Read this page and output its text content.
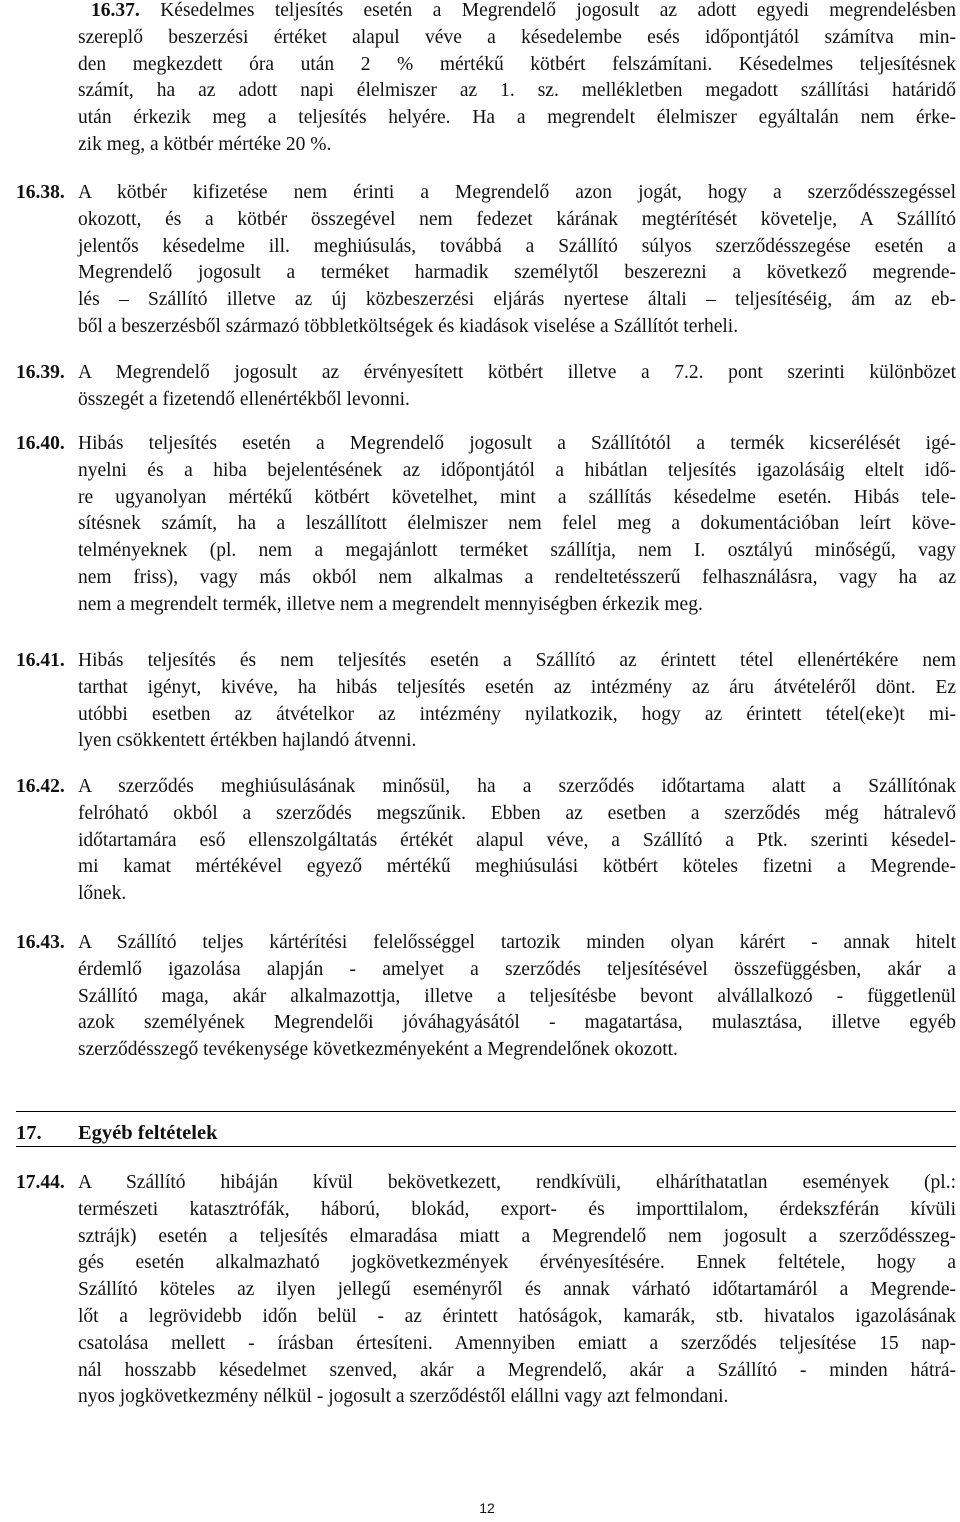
16.37. Késedelmes teljesítés esetén a Megrendelő jogosult az adott egyedi megrendelésben
szereplő beszerzési értéket alapul véve a késedelembe esés időpontjától számítva min-
den megkezdett óra után 2 % mértékű kötbért felszámítani. Késedelmes teljesítésnek
számít, ha az adott napi élelmiszer az 1. sz. mellékletben megadott szállítási határidő
után érkezik meg a teljesítés helyére. Ha a megrendelt élelmiszer egyáltalán nem érke-
zik meg, a kötbér mértéke 20 %.
16.38. A kötbér kifizetése nem érinti a Megrendelő azon jogát, hogy a szerződésszegéssel
okozott, és a kötbér összegével nem fedezet kárának megtérítését követelje, A Szállító
jelentős késedelme ill. meghiúsulás, továbbá a Szállító súlyos szerződésszegése esetén a
Megrendelő jogosult a terméket harmadik személytől beszerezni a következő megrende-
lés – Szállító illetve az új közbeszerzési eljárás nyertese általi – teljesítéséig, ám az eb-
ből a beszerzésből származó többletköltségek és kiadások viselése a Szállítót terheli.
16.39. A Megrendelő jogosult az érvényesített kötbért illetve a 7.2. pont szerinti különbözet
összegét a fizetendő ellenértékből levonni.
16.40. Hibás teljesítés esetén a Megrendelő jogosult a Szállítótól a termék kicserélését igé-
nyelni és a hiba bejelentésének az időpontjától a hibátlan teljesítés igazolásáig eltelt idő-
re ugyanolyan mértékű kötbért követelhet, mint a szállítás késedelme esetén. Hibás tele-
sítésnek számít, ha a leszállított élelmiszer nem felel meg a dokumentációban leírt köve-
telményeknek (pl. nem a megajánlott terméket szállítja, nem I. osztályú minőségű, vagy
nem friss), vagy más okból nem alkalmas a rendeltetésszerű felhasználásra, vagy ha az
nem a megrendelt termék, illetve nem a megrendelt mennyiségben érkezik meg.
16.41. Hibás teljesítés és nem teljesítés esetén a Szállító az érintett tétel ellenértékére nem
tarthat igényt, kivéve, ha hibás teljesítés esetén az intézmény az áru átvételéről dönt. Ez
utóbbi esetben az átvételkor az intézmény nyilatkozik, hogy az érintett tétel(eke)t mi-
lyen csökkentett értékben hajlandó átvenni.
16.42. A szerződés meghiúsulásának minősül, ha a szerződés időtartama alatt a Szállítónak
felróható okból a szerződés megszűnik. Ebben az esetben a szerződés még hátralevő
időtartamára eső ellenszolgáltatás értékét alapul véve, a Szállító a Ptk. szerinti késedel-
mi kamat mértékével egyező mértékű meghiúsulási kötbért köteles fizetni a Megrende-
lőnek.
16.43. A Szállító teljes kártérítési felelősséggel tartozik minden olyan kárért - annak hitelt
érdemlő igazolása alapján - amelyet a szerződés teljesítésével összefüggésben, akár a
Szállító maga, akár alkalmazottja, illetve a teljesítésbe bevont alvállalkozó - függetlenül
azok személyének Megrendelői jóváhagyásától - magatartása, mulasztása, illetve egyéb
szerződésszegő tevékenysége következményeként a Megrendelőnek okozott.
17. Egyéb feltételek
17.44. A Szállító hibáján kívül bekövetkezett, rendkívüli, elháríthatatlan események (pl.:
természeti katasztrófák, háború, blokád, export- és importtilalom, érdekszférán kívüli
sztrájk) esetén a teljesítés elmaradása miatt a Megrendelő nem jogosult a szerződésszeg-
gés esetén alkalmazható jogkövetkezmények érvényesítésére. Ennek feltétele, hogy a
Szállító köteles az ilyen jellegű eseményről és annak várható időtartamáról a Megrende-
lőt a legrövidebb időn belül - az érintett hatóságok, kamarák, stb. hivatalos igazolásának
csatolása mellett - írásban értesíteni. Amennyiben emiatt a szerződés teljesítése 15 nap-
nál hosszabb késedelmet szenved, akár a Megrendelő, akár a Szállító - minden hátrá-
nyos jogkövetkezmény nélkül - jogosult a szerződéstől elállni vagy azt felmondani.
12
